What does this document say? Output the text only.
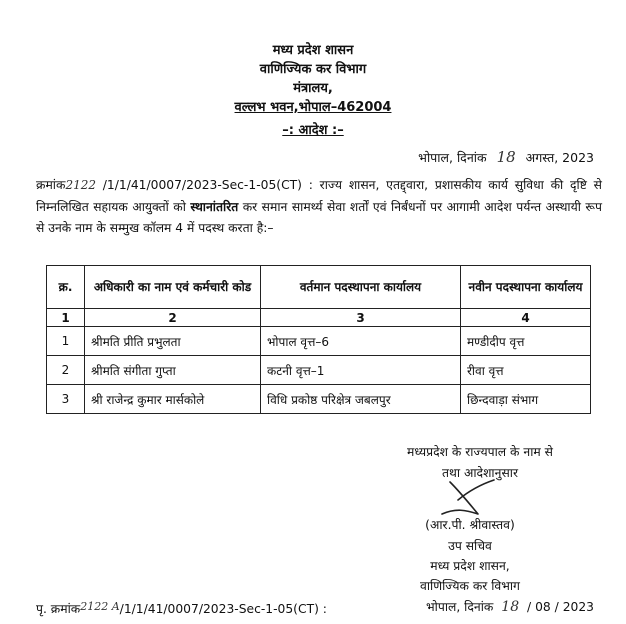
मध्य प्रदेश शासन
वाणिज्यिक कर विभाग
मंत्रालय,
वल्लभ भवन,भोपाल–462004
–: आदेश :–
भोपाल, दिनांक 18 अगस्त, 2023
क्रमांक2122 /1/1/41/0007/2023-Sec-1-05(CT) : राज्य शासन, एतद्द्वारा, प्रशासकीय कार्य सुविधा की दृष्टि से निम्नलिखित सहायक आयुक्तों को स्थानांतरित कर समान सामर्थ्य सेवा शर्तों एवं निर्बंधनों पर आगामी आदेश पर्यन्त अस्थायी रूप से उनके नाम के सम्मुख कॉलम 4 में पदस्थ करता है:–
क्र.	अधिकारी का नाम एवं कर्मचारी कोड	वर्तमान पदस्थापना कार्यालय	नवीन पदस्थापना कार्यालय
1	2	3	4
1	श्रीमति प्रीति प्रभुलता	भोपाल वृत्त–6	मण्डीदीप वृत्त
2	श्रीमति संगीता गुप्ता	कटनी वृत्त–1	रीवा वृत्त
3	श्री राजेन्द्र कुमार मार्सकोले	विधि प्रकोष्ठ परिक्षेत्र जबलपुर	छिन्दवाड़ा संभाग
मध्यप्रदेश के राज्यपाल के नाम से
तथा आदेशानुसार
(आर.पी. श्रीवास्तव)
उप सचिव
मध्य प्रदेश शासन,
वाणिज्यिक कर विभाग
पृ. क्रमांक2122 A/1/1/41/0007/2023-Sec-1-05(CT) :	भोपाल, दिनांक 18 / 08 / 2023
